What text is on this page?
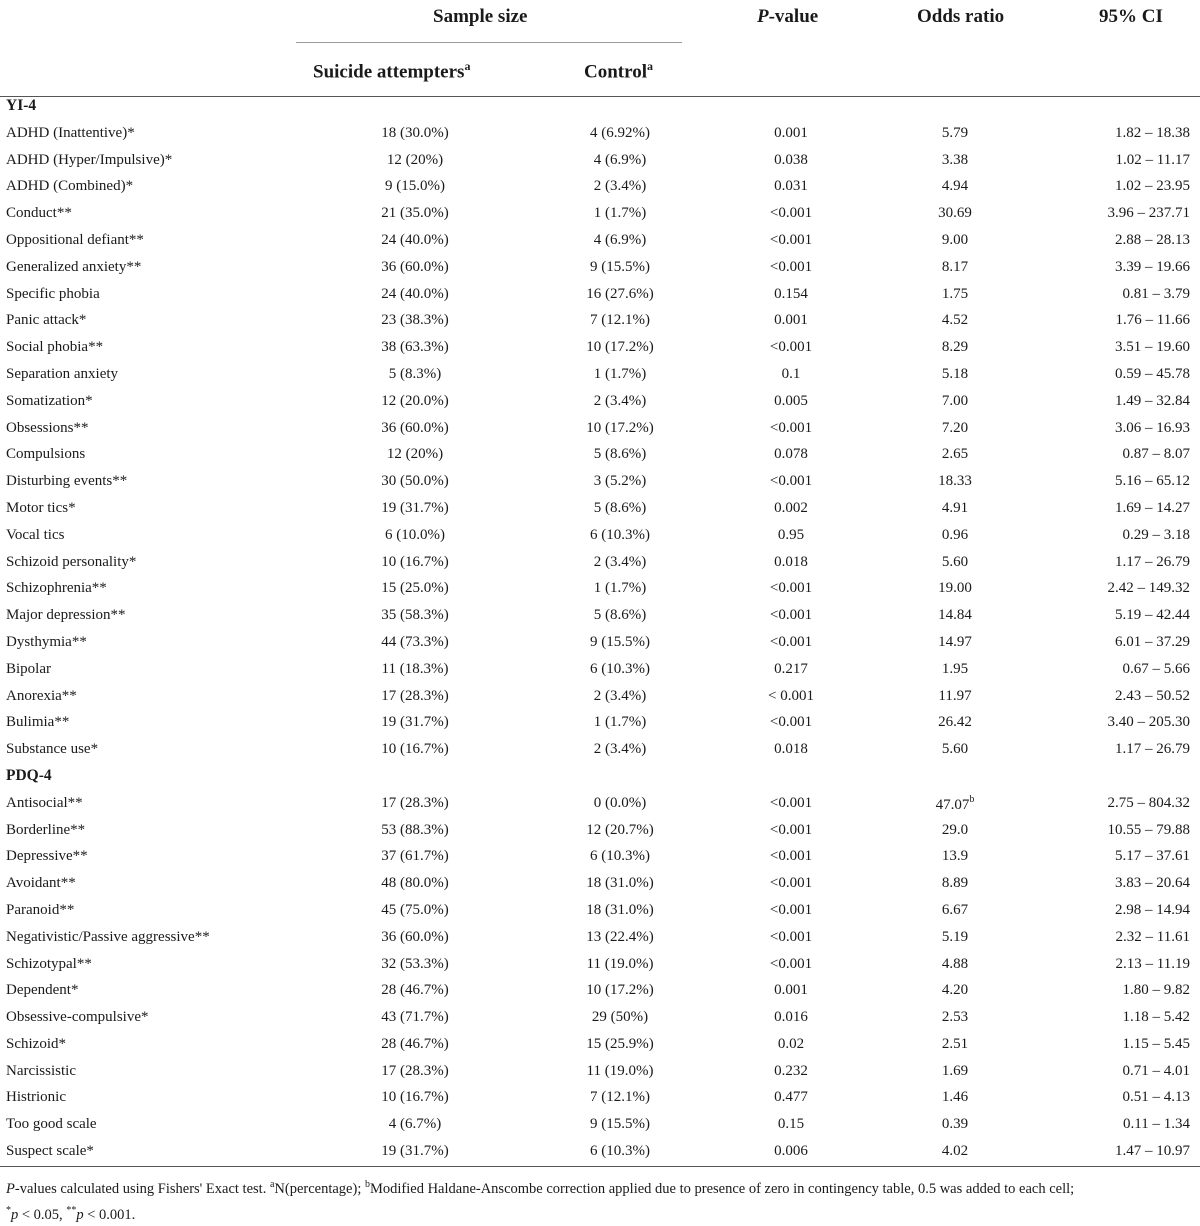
Sample size	P-value	Odds ratio	95% CI
Suicide attempters$^a$	Control$^a$
YI-4
ADHD (Inattentive)*	18 (30.0%)	4 (6.92%)	0.001	5.79	1.82 – 18.38
ADHD (Hyper/Impulsive)*	12 (20%)	4 (6.9%)	0.038	3.38	1.02 – 11.17
ADHD (Combined)*	9 (15.0%)	2 (3.4%)	0.031	4.94	1.02 – 23.95
Conduct**	21 (35.0%)	1 (1.7%)	<0.001	30.69	3.96 – 237.71
Oppositional defiant**	24 (40.0%)	4 (6.9%)	<0.001	9.00	2.88 – 28.13
Generalized anxiety**	36 (60.0%)	9 (15.5%)	<0.001	8.17	3.39 – 19.66
Specific phobia	24 (40.0%)	16 (27.6%)	0.154	1.75	0.81 – 3.79
Panic attack*	23 (38.3%)	7 (12.1%)	0.001	4.52	1.76 – 11.66
Social phobia**	38 (63.3%)	10 (17.2%)	<0.001	8.29	3.51 – 19.60
Separation anxiety	5 (8.3%)	1 (1.7%)	0.1	5.18	0.59 – 45.78
Somatization*	12 (20.0%)	2 (3.4%)	0.005	7.00	1.49 – 32.84
Obsessions**	36 (60.0%)	10 (17.2%)	<0.001	7.20	3.06 – 16.93
Compulsions	12 (20%)	5 (8.6%)	0.078	2.65	0.87 – 8.07
Disturbing events**	30 (50.0%)	3 (5.2%)	<0.001	18.33	5.16 – 65.12
Motor tics*	19 (31.7%)	5 (8.6%)	0.002	4.91	1.69 – 14.27
Vocal tics	6 (10.0%)	6 (10.3%)	0.95	0.96	0.29 – 3.18
Schizoid personality*	10 (16.7%)	2 (3.4%)	0.018	5.60	1.17 – 26.79
Schizophrenia**	15 (25.0%)	1 (1.7%)	<0.001	19.00	2.42 – 149.32
Major depression**	35 (58.3%)	5 (8.6%)	<0.001	14.84	5.19 – 42.44
Dysthymia**	44 (73.3%)	9 (15.5%)	<0.001	14.97	6.01 – 37.29
Bipolar	11 (18.3%)	6 (10.3%)	0.217	1.95	0.67 – 5.66
Anorexia**	17 (28.3%)	2 (3.4%)	< 0.001	11.97	2.43 – 50.52
Bulimia**	19 (31.7%)	1 (1.7%)	<0.001	26.42	3.40 – 205.30
Substance use*	10 (16.7%)	2 (3.4%)	0.018	5.60	1.17 – 26.79
PDQ-4
Antisocial**	17 (28.3%)	0 (0.0%)	<0.001	47.07$^b$	2.75 – 804.32
Borderline**	53 (88.3%)	12 (20.7%)	<0.001	29.0	10.55 – 79.88
Depressive**	37 (61.7%)	6 (10.3%)	<0.001	13.9	5.17 – 37.61
Avoidant**	48 (80.0%)	18 (31.0%)	<0.001	8.89	3.83 – 20.64
Paranoid**	45 (75.0%)	18 (31.0%)	<0.001	6.67	2.98 – 14.94
Negativistic/Passive aggressive**	36 (60.0%)	13 (22.4%)	<0.001	5.19	2.32 – 11.61
Schizotypal**	32 (53.3%)	11 (19.0%)	<0.001	4.88	2.13 – 11.19
Dependent*	28 (46.7%)	10 (17.2%)	0.001	4.20	1.80 – 9.82
Obsessive-compulsive*	43 (71.7%)	29 (50%)	0.016	2.53	1.18 – 5.42
Schizoid*	28 (46.7%)	15 (25.9%)	0.02	2.51	1.15 – 5.45
Narcissistic	17 (28.3%)	11 (19.0%)	0.232	1.69	0.71 – 4.01
Histrionic	10 (16.7%)	7 (12.1%)	0.477	1.46	0.51 – 4.13
Too good scale	4 (6.7%)	9 (15.5%)	0.15	0.39	0.11 – 1.34
Suspect scale*	19 (31.7%)	6 (10.3%)	0.006	4.02	1.47 – 10.97
P-values calculated using Fishers' Exact test. $^a$N(percentage); $^b$Modified Haldane-Anscombe correction applied due to presence of zero in contingency table, 0.5 was added to each cell;
*p < 0.05, **p < 0.001.
